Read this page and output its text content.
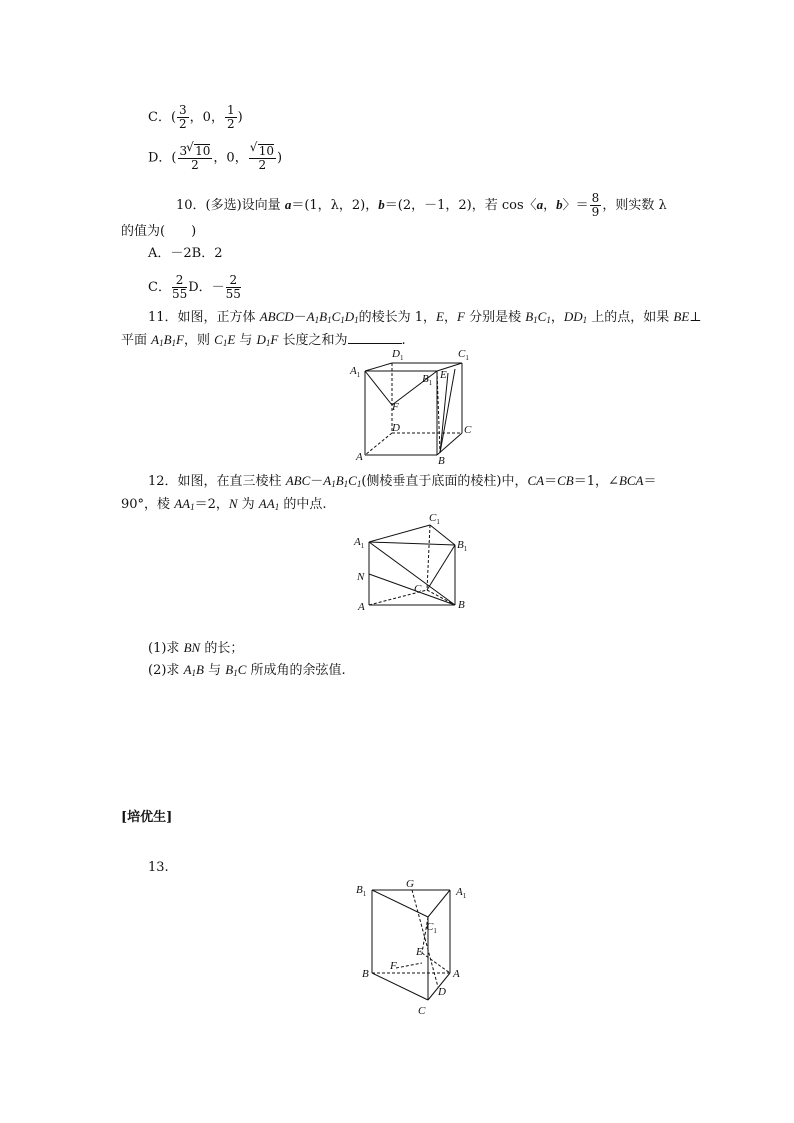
C．( $\frac{3}{2}$ ，0， $\frac{1}{2}$ )
D．( $\frac{3 √ 10}{2}$ ，0， √ $\frac{10}{2}$ )
10．(多选)设向量 a＝(1，λ，2)，b＝(2，－1，2)，若 cos〈a，b〉＝ $\frac{8}{9}$ ，则实数 λ
的值为(　　)
A．－2B．2
C． $\frac{2}{55}$ D．－ $\frac{2}{55}$
11．如图，正方体 $ABCD-A_1B_1C_1D_1$的棱长为 1，E，F 分别是棱 $B_1C_1$，$DD_1$ 上的点，如果 BE⊥
平面 $A_1B_1F$，则 $C_1E$ 与 $D_1F$ 长度之和为	.
$A_1$
$D_1$	$C_1$
$B_1$
E
F
D	C
A	B
12．如图，在直三棱柱 $ABC-A_1B_1C_1$(侧棱垂直于底面的棱柱)中，CA＝CB＝1，∠BCA＝
90°，棱 $AA_1=2$，N 为 $AA_1$ 的中点.
$A_1$
$C_1$
$B_1$
N
C
A	B
(1)求 BN 的长；
(2)求 $A_1B$ 与 $B_1C$ 所成角的余弦值.
[培优生]
13.
$B_1$
G
$A_1$
$C_1$
E
F
B	A
D
C
